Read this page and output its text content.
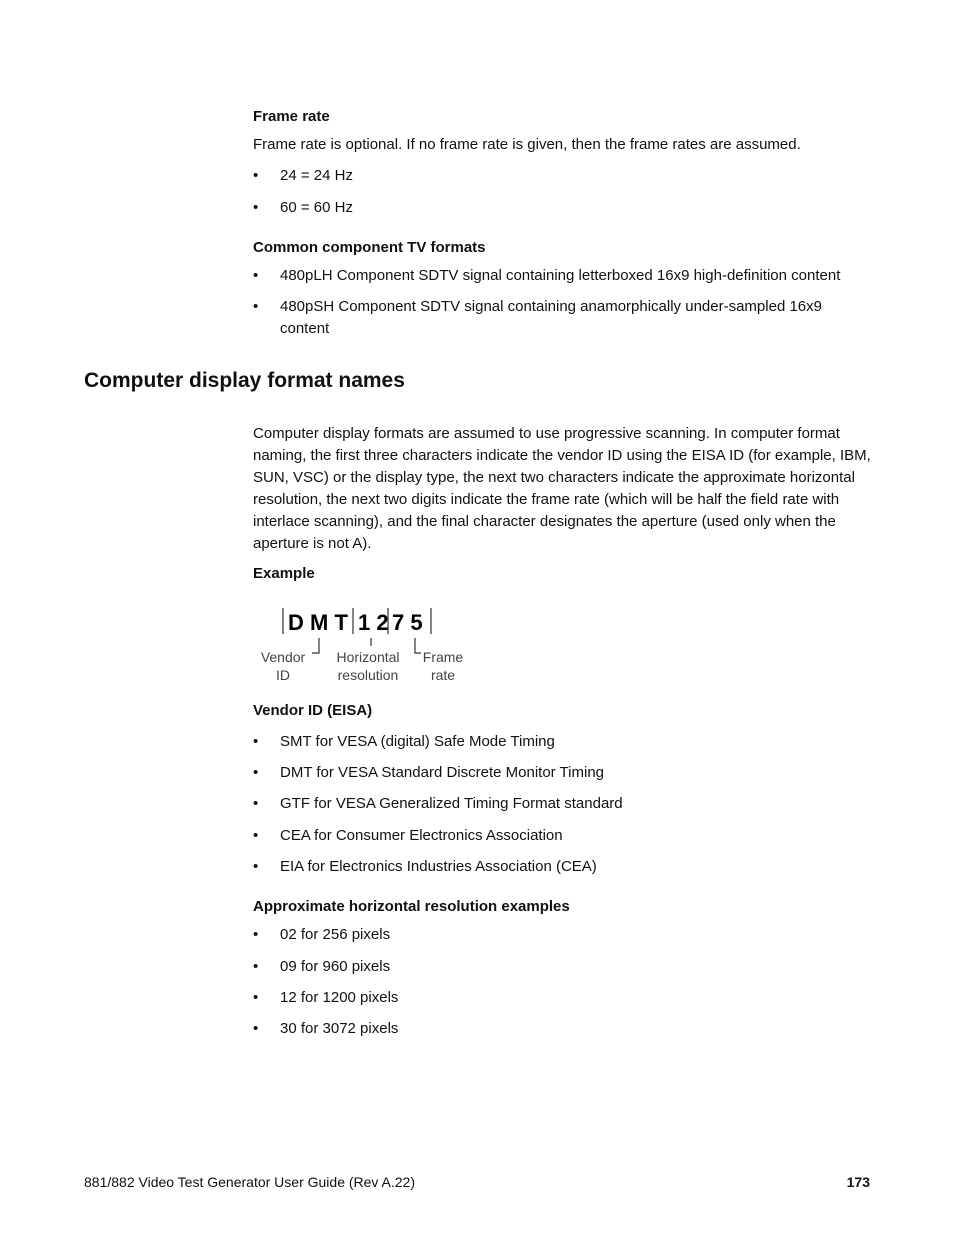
Frame rate
Frame rate is optional. If no frame rate is given, then the frame rates are assumed.
• 24 = 24 Hz
• 60 = 60 Hz
Common component TV formats
• 480pLH Component SDTV signal containing letterboxed 16x9 high-definition content
• 480pSH Component SDTV signal containing anamorphically under-sampled 16x9 content
Computer display format names
Computer display formats are assumed to use progressive scanning. In computer format naming, the first three characters indicate the vendor ID using the EISA ID (for example, IBM, SUN, VSC) or the display type, the next two characters indicate the approximate horizontal resolution, the next two digits indicate the frame rate (which will be half the field rate with interlace scanning), and the final character designates the aperture (used only when the aperture is not A).
Example
D M T 1 2 7 5
Vendor
ID
Horizontal
resolution
Frame
rate
Vendor ID (EISA)
• SMT for VESA (digital) Safe Mode Timing
• DMT for VESA Standard Discrete Monitor Timing
• GTF for VESA Generalized Timing Format standard
• CEA for Consumer Electronics Association
• EIA for Electronics Industries Association (CEA)
Approximate horizontal resolution examples
• 02 for 256 pixels
• 09 for 960 pixels
• 12 for 1200 pixels
• 30 for 3072 pixels
881/882 Video Test Generator User Guide (Rev A.22)	173
